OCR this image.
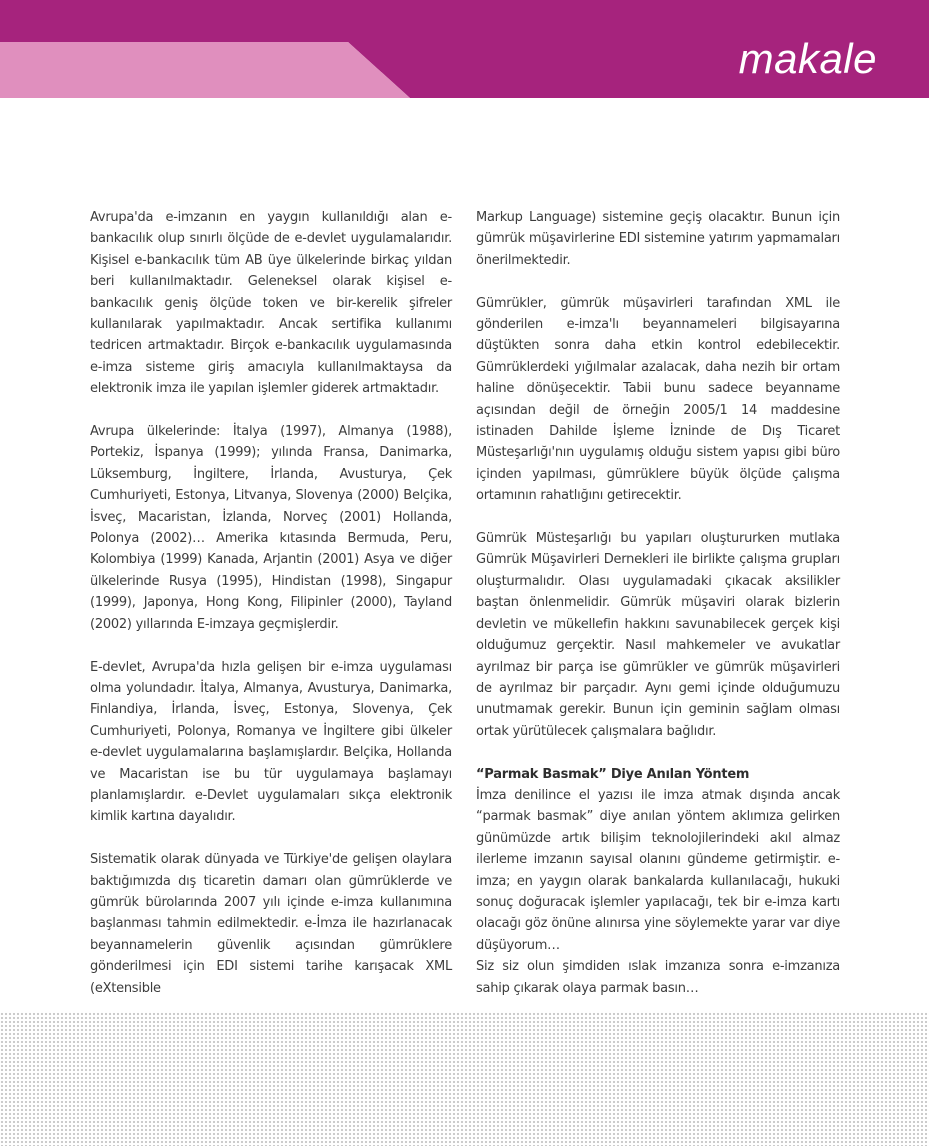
makale

Avrupa'da e-imzanın en yaygın kullanıldığı alan e-bankacılık olup sınırlı ölçüde de e-devlet uygulamalarıdır. Kişisel e-bankacılık tüm AB üye ülkelerinde birkaç yıldan beri kullanılmaktadır. Geleneksel olarak kişisel e-bankacılık geniş ölçüde token ve bir-kerelik şifreler kullanılarak yapılmaktadır. Ancak sertifika kullanımı tedricen artmaktadır. Birçok e-bankacılık uygulamasında e-imza sisteme giriş amacıyla kullanılmaktaysa da elektronik imza ile yapılan işlemler giderek artmaktadır.

Avrupa ülkelerinde: İtalya (1997), Almanya (1988), Portekiz, İspanya (1999); yılında Fransa, Danimarka, Lüksemburg, İngiltere, İrlanda, Avusturya, Çek Cumhuriyeti, Estonya, Litvanya, Slovenya (2000) Belçika, İsveç, Macaristan, İzlanda, Norveç (2001) Hollanda, Polonya (2002)… Amerika kıtasında Bermuda, Peru, Kolombiya (1999) Kanada, Arjantin (2001) Asya ve diğer ülkelerinde Rusya (1995), Hindistan (1998), Singapur (1999), Japonya, Hong Kong, Filipinler (2000), Tayland (2002) yıllarında E-imzaya geçmişlerdir.

E-devlet, Avrupa'da hızla gelişen bir e-imza uygulaması olma yolundadır. İtalya, Almanya, Avusturya, Danimarka, Finlandiya, İrlanda, İsveç, Estonya, Slovenya, Çek Cumhuriyeti, Polonya, Romanya ve İngiltere gibi ülkeler e-devlet uygulamalarına başlamışlardır. Belçika, Hollanda ve Macaristan ise bu tür uygulamaya başlamayı planlamışlardır. e-Devlet uygulamaları sıkça elektronik kimlik kartına dayalıdır.

Sistematik olarak dünyada ve Türkiye'de gelişen olaylara baktığımızda dış ticaretin damarı olan gümrüklerde ve gümrük bürolarında 2007 yılı içinde e-imza kullanımına başlanması tahmin edilmektedir. e-İmza ile hazırlanacak beyannamelerin güvenlik açısından gümrüklere gönderilmesi için EDI sistemi tarihe karışacak XML (eXtensible

Markup Language) sistemine geçiş olacaktır. Bunun için gümrük müşavirlerine EDI sistemine yatırım yapmamaları önerilmektedir.

Gümrükler, gümrük müşavirleri tarafından XML ile gönderilen e-imza'lı beyannameleri bilgisayarına düştükten sonra daha etkin kontrol edebilecektir. Gümrüklerdeki yığılmalar azalacak, daha nezih bir ortam haline dönüşecektir. Tabii bunu sadece beyanname açısından değil de örneğin 2005/1 14 maddesine istinaden Dahilde İşleme İzninde de Dış Ticaret Müsteşarlığı'nın uygulamış olduğu sistem yapısı gibi büro içinden yapılması, gümrüklere büyük ölçüde çalışma ortamının rahatlığını getirecektir.

Gümrük Müsteşarlığı bu yapıları oluştururken mutlaka Gümrük Müşavirleri Dernekleri ile birlikte çalışma grupları oluşturmalıdır. Olası uygulamadaki çıkacak aksilikler baştan önlenmelidir. Gümrük müşaviri olarak bizlerin devletin ve mükellefin hakkını savunabilecek gerçek kişi olduğumuz gerçektir. Nasıl mahkemeler ve avukatlar ayrılmaz bir parça ise gümrükler ve gümrük müşavirleri de ayrılmaz bir parçadır. Aynı gemi içinde olduğumuzu unutmamak gerekir. Bunun için geminin sağlam olması ortak yürütülecek çalışmalara bağlıdır.

“Parmak Basmak” Diye Anılan Yöntem

İmza denilince el yazısı ile imza atmak dışında ancak “parmak basmak” diye anılan yöntem aklımıza gelirken günümüzde artık bilişim teknolojilerindeki akıl almaz ilerleme imzanın sayısal olanını gündeme getirmiştir. e-imza; en yaygın olarak bankalarda kullanılacağı, hukuki sonuç doğuracak işlemler yapılacağı, tek bir e-imza kartı olacağı göz önüne alınırsa yine söylemekte yarar var diye düşüyorum…

Siz siz olun şimdiden ıslak imzanıza sonra e-imzanıza sahip çıkarak olaya parmak basın…
